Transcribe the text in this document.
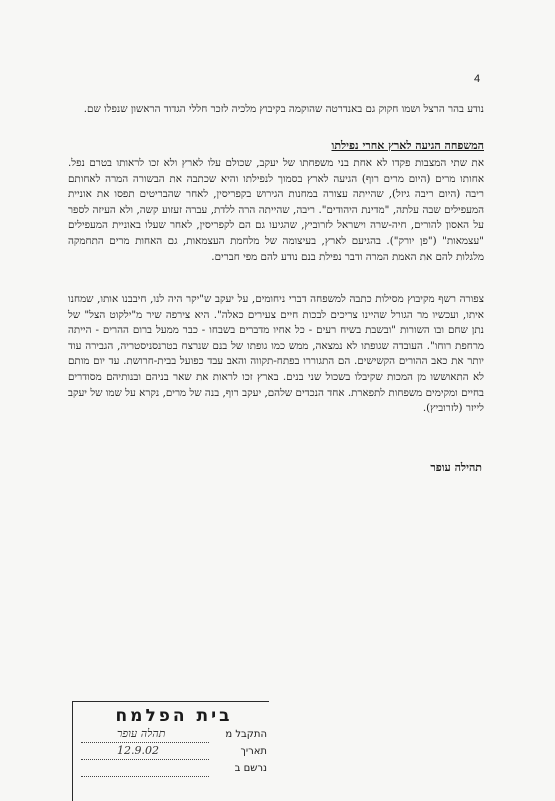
4
נודע בהר הרצל ושמו חקוק גם באנדרטה שהוקמה בקיבוץ מלכיה לזכר חללי הגדוד הראשון שנפלו שם.
המשפחה הגיעה לארץ אחרי נפילתו
את שתי המצבות פקדו לא אחת בני משפחתו של יעקב, שכולם עלו לארץ ולא זכו לראותו בטרם נפל. אחותו מרים (היום מרים רוף) הגיעה לארץ בסמוך לנפילתו והיא שכתבה את הבשורה המרה לאחותם ריבה (היום ריבה גיזל), שהייתה עצורה במחנות הגירוש בקפריסין, לאחר שהבריטים תפסו את אוניית המעפילים שבה עלתה, "מדינת היהודים". ריבה, שהייתה הרה ללדת, עברה זעזוע קשה, ולא העיזה לספר על האסון להורים, חיה-שרה וישראל לזרוביץ, שהגיעו גם הם לקפריסין, לאחר שעלו באוניית המעפילים "עצמאות" ("פן יורק"). בהגיעם לארץ, בעיצומה של מלחמת העצמאות, גם האחות מרים התחמקה מלגלות להם את האמת המרה ודבר נפילת בנם נודע להם מפי חברים.
צפורה רשף מקיבוץ מסילות כתבה למשפחה דברי ניחומים, על יעקב ש"יקר היה לנו, חיבבנו אותו, שמחנו איתו, ועכשיו מר הגורל שהיינו צריכים לבכות חיים צעירים כאלה". היא צירפה שיר מ"ילקוט הצל" של נתן שחם ובו השורות "ובשבת בשיח רעים - כל אחיו מדברים בשבחו - כבר ממעל ברום ההרים - הייתה מרחפת רוחו". העובדה שגופתו לא נמצאה, ממש כמו גופתו של בנם שנרצח בטרנסניסטריה, הגבירה עוד יותר את כאב ההורים הקשישים. הם התגוררו בפתח-תקווה והאב עבד כפועל בבית-חרושת. עד יום מותם לא התאוששו מן המכות שקיבלו בשכול שני בנים. בארץ זכו לראות את שאר בניהם ובנותיהם מסודרים בחיים ומקימים משפחות לתפארת. אחד הנכדים שלהם, יעקב רוף, בנה של מרים, נקרא על שמו של יעקב לייזר (לזרוביץ).
תהילה עופר
בית הפלמח
התקבל מ
תהלה עופר
תאריך
12.9.02
נרשם ב
